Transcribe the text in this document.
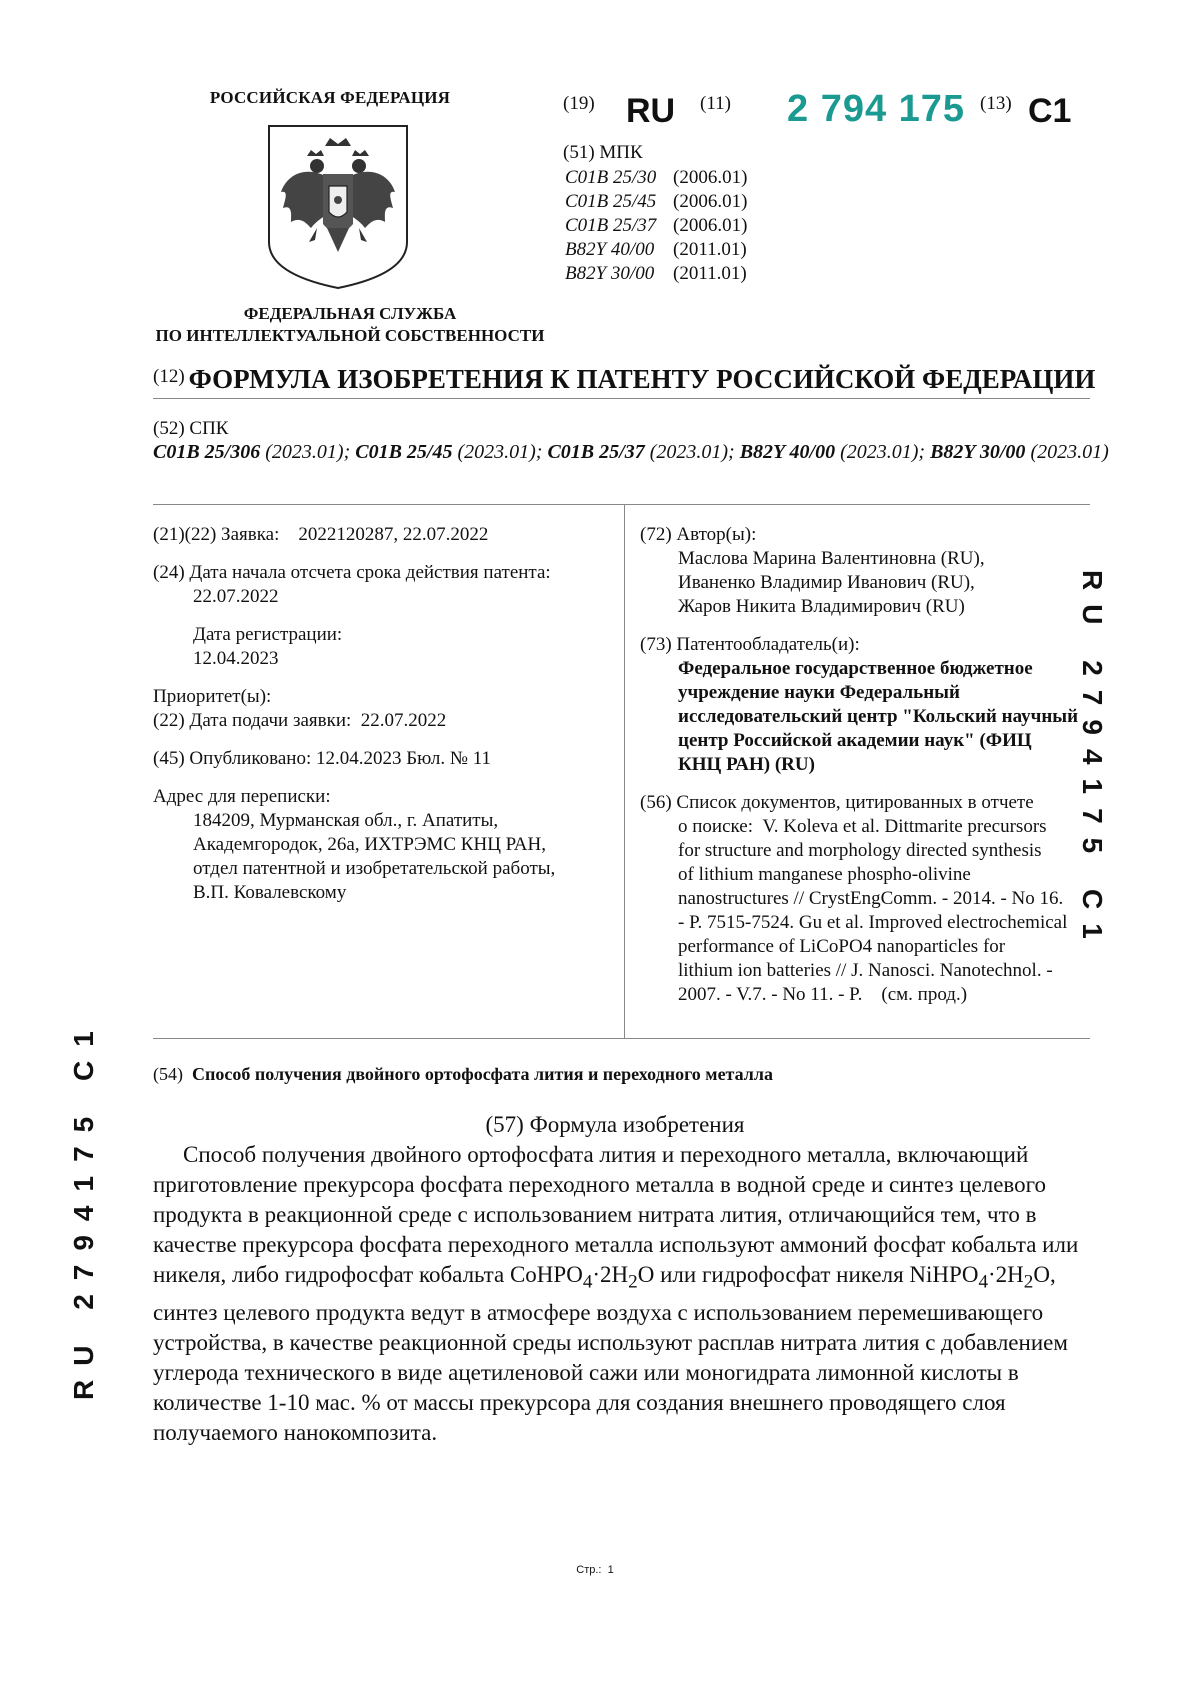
РОССИЙСКАЯ ФЕДЕРАЦИЯ
ФЕДЕРАЛЬНАЯ СЛУЖБА
ПО ИНТЕЛЛЕКТУАЛЬНОЙ СОБСТВЕННОСТИ
(19) RU (11) 2 794 175 (13) C1
(51) МПК
C01B 25/30 (2006.01)
C01B 25/45 (2006.01)
C01B 25/37 (2006.01)
B82Y 40/00 (2011.01)
B82Y 30/00 (2011.01)
$^{(12)}$ ФОРМУЛА ИЗОБРЕТЕНИЯ К ПАТЕНТУ РОССИЙСКОЙ ФЕДЕРАЦИИ
(52) СПК
C01B 25/306 (2023.01); C01B 25/45 (2023.01); C01B 25/37 (2023.01); B82Y 40/00 (2023.01); B82Y 30/00 (2023.01)
(21)(22) Заявка: 2022120287, 22.07.2022
(24) Дата начала отсчета срока действия патента:
22.07.2022
Дата регистрации:
12.04.2023
Приоритет(ы):
(22) Дата подачи заявки: 22.07.2022
(45) Опубликовано: 12.04.2023 Бюл. № 11
Адрес для переписки:
184209, Мурманская обл., г. Апатиты,
Академгородок, 26а, ИХТРЭМС КНЦ РАН,
отдел патентной и изобретательской работы,
В.П. Ковалевскому
(72) Автор(ы):
Маслова Марина Валентиновна (RU),
Иваненко Владимир Иванович (RU),
Жаров Никита Владимирович (RU)
(73) Патентообладатель(и):
Федеральное государственное бюджетное
учреждение науки Федеральный
исследовательский центр "Кольский научный
центр Российской академии наук" (ФИЦ
КНЦ РАН) (RU)
(56) Список документов, цитированных в отчете
о поиске: V. Koleva et al. Dittmarite precursors
for structure and morphology directed synthesis
of lithium manganese phospho-olivine
nanostructures // CrystEngComm. - 2014. - No 16.
- P. 7515-7524. Gu et al. Improved electrochemical
performance of LiCoPO4 nanoparticles for
lithium ion batteries // J. Nanosci. Nanotechnol. -
2007. - V.7. - No 11. - P. (см. прод.)
(54) Способ получения двойного ортофосфата лития и переходного металла
(57) Формула изобретения

Способ получения двойного ортофосфата лития и переходного металла, включающий приготовление прекурсора фосфата переходного металла в водной среде и синтез целевого продукта в реакционной среде с использованием нитрата лития, отличающийся тем, что в качестве прекурсора фосфата переходного металла используют аммоний фосфат кобальта или никеля, либо гидрофосфат кобальта $CoHPO_4\cdot 2H_2O$ или гидрофосфат никеля $NiHPO_4\cdot 2H_2O$, синтез целевого продукта ведут в атмосфере воздуха с использованием перемешивающего устройства, в качестве реакционной среды используют расплав нитрата лития с добавлением углерода технического в виде ацетиленовой сажи или моногидрата лимонной кислоты в количестве 1-10 мас. % от массы прекурсора для создания внешнего проводящего слоя получаемого нанокомпозита.

RU 2794175 C1
RU 2794175 C1
Стр.: 1
